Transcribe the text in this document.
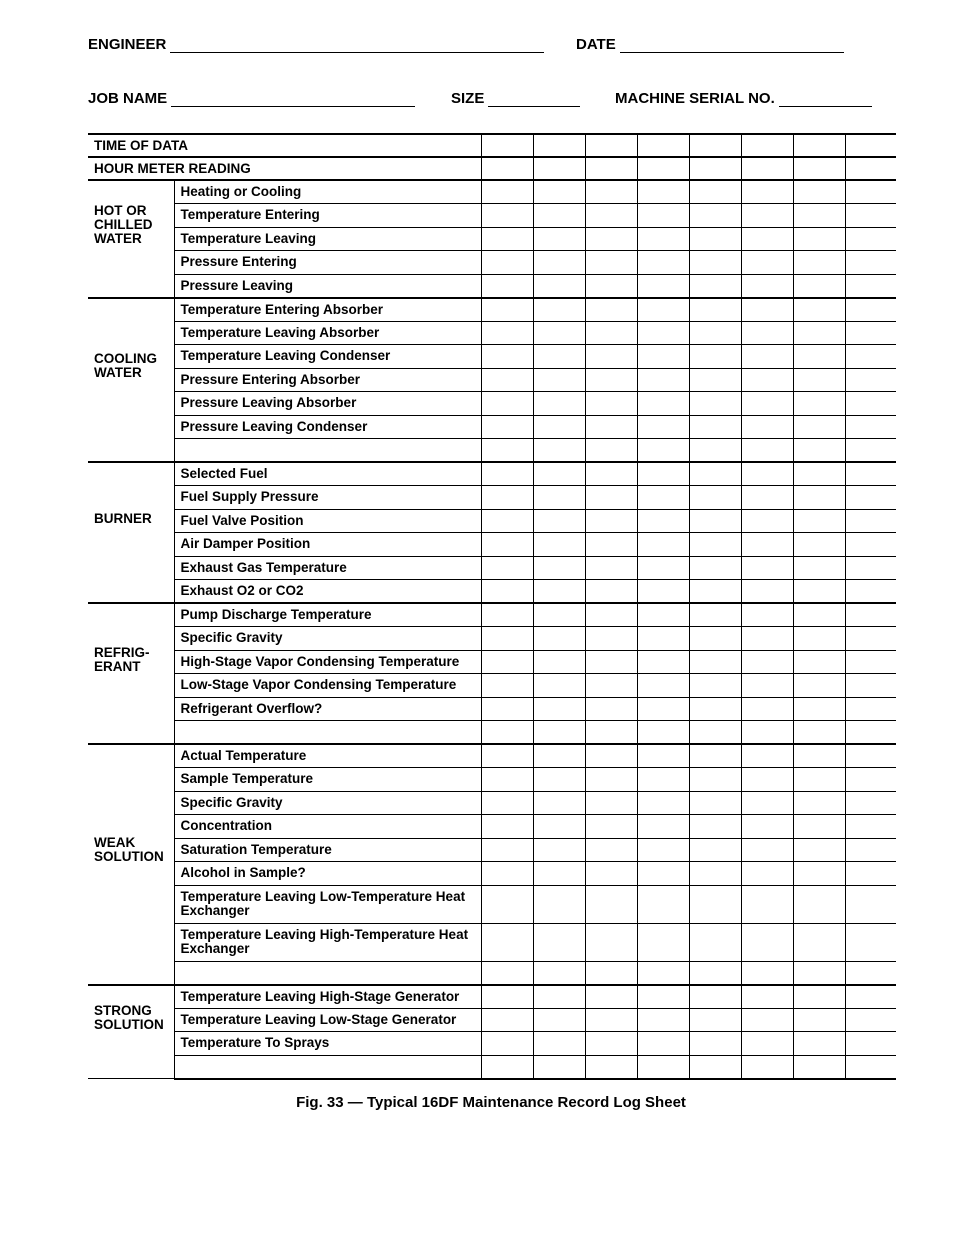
ENGINEER	DATE
JOB NAME	SIZE	MACHINE SERIAL NO.
TIME OF DATA									
HOUR METER READING									
HOT OR CHILLED WATER	Heating or Cooling								
	Temperature Entering								
	Temperature Leaving								
	Pressure Entering								
	Pressure Leaving								
COOLING WATER	Temperature Entering Absorber								
	Temperature Leaving Absorber								
	Temperature Leaving Condenser								
	Pressure Entering Absorber								
	Pressure Leaving Absorber								
	Pressure Leaving Condenser								

BURNER	Selected Fuel								
	Fuel Supply Pressure								
	Fuel Valve Position								
	Air Damper Position								
	Exhaust Gas Temperature								
	Exhaust O2 or CO2								
REFRIG- ERANT	Pump Discharge Temperature								
	Specific Gravity								
	High-Stage Vapor Condensing Temperature								
	Low-Stage Vapor Condensing Temperature								
	Refrigerant Overflow?								

WEAK SOLUTION	Actual Temperature								
	Sample Temperature								
	Specific Gravity								
	Concentration								
	Saturation Temperature								
	Alcohol in Sample?								
	Temperature Leaving Low-Temperature Heat Exchanger								
	Temperature Leaving High-Temperature Heat Exchanger								

STRONG SOLUTION	Temperature Leaving High-Stage Generator								
	Temperature Leaving Low-Stage Generator								
	Temperature To Sprays								

Fig. 33 — Typical 16DF Maintenance Record Log Sheet
